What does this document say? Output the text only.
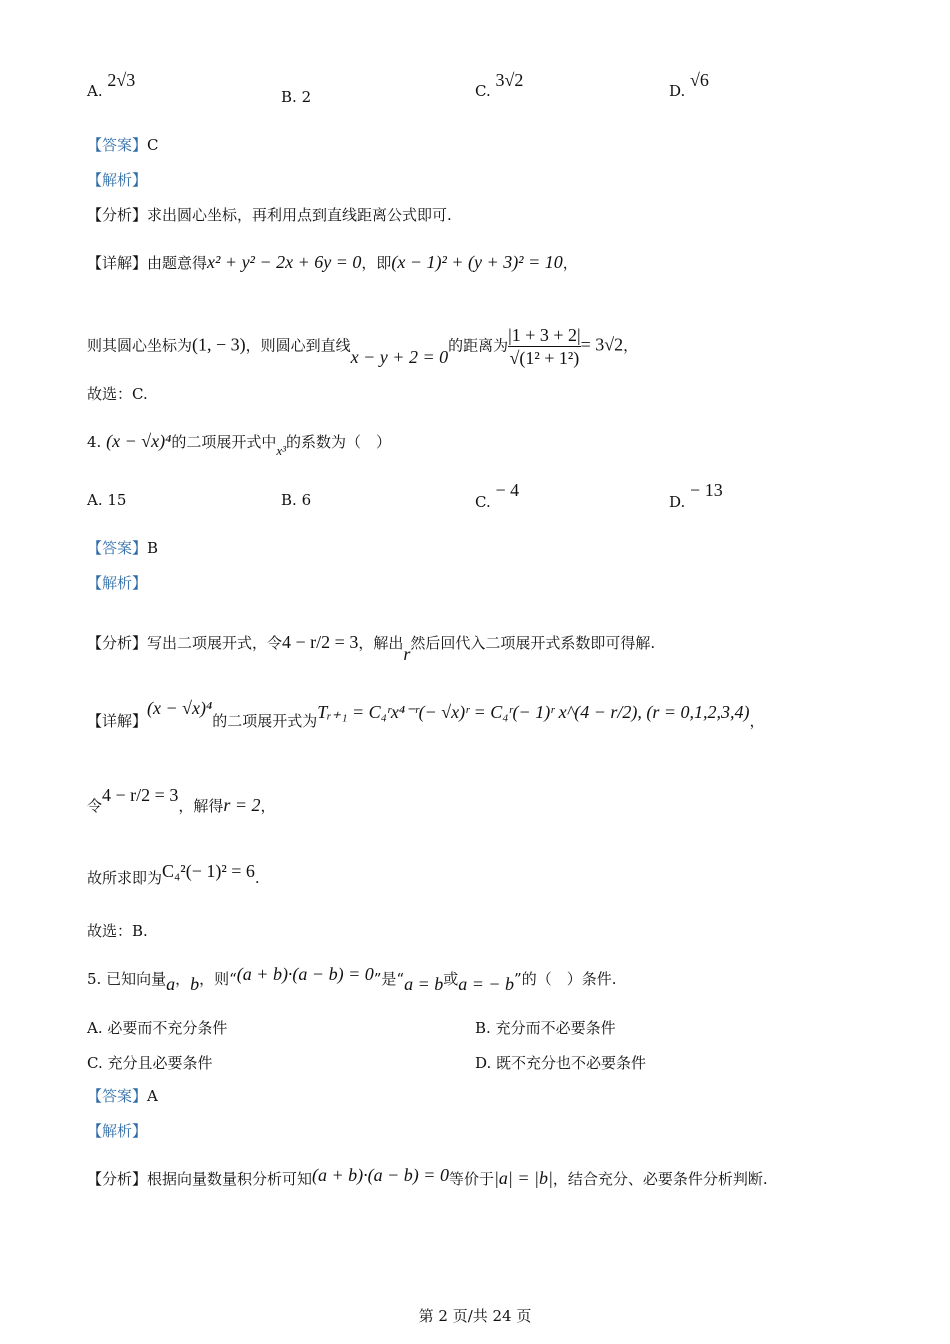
A. 2√3
B. 2	C. 3√2
D. √6
【答案】C
【解析】
【分析】求出圆心坐标，再利用点到直线距离公式即可.
【详解】由题意得x² + y² − 2x + 6y = 0，即(x − 1)² + (y + 3)² = 10，
则其圆心坐标为(1, − 3)，则圆心到直线x − y + 2 = 0的距离为 $\frac{|1 + 3 + 2|}{\text{√(1² + 1²)}} = 3√2$，
故选：C.
4. (x − √x)⁴的二项展开式中x³的系数为（　）
A. 15	B. 6	C. − 4
D. − 13
【答案】B
【解析】
【分析】写出二项展开式，令4 − r/2 = 3，解出r然后回代入二项展开式系数即可得解.
【详解】(x − √x)⁴的二项展开式为Tᵣ₊₁ = C₄ʳx⁴⁻ʳ(− √x)ʳ = C₄ʳ(− 1)ʳ x^(4 − r/2), (r = 0,1,2,3,4)，
令4 − r/2 = 3，解得r = 2，
故所求即为C₄²(− 1)² = 6.
故选：B.
5. 已知向量a，b，则“(a + b)·(a − b) = 0”是“a = b或a = − b”的（　）条件.
A. 必要而不充分条件	B. 充分而不必要条件
C. 充分且必要条件	D. 既不充分也不必要条件
【答案】A
【解析】
【分析】根据向量数量积分析可知(a + b)·(a − b) = 0等价于|a| = |b|，结合充分、必要条件分析判断.
第 2 页/共 24 页
